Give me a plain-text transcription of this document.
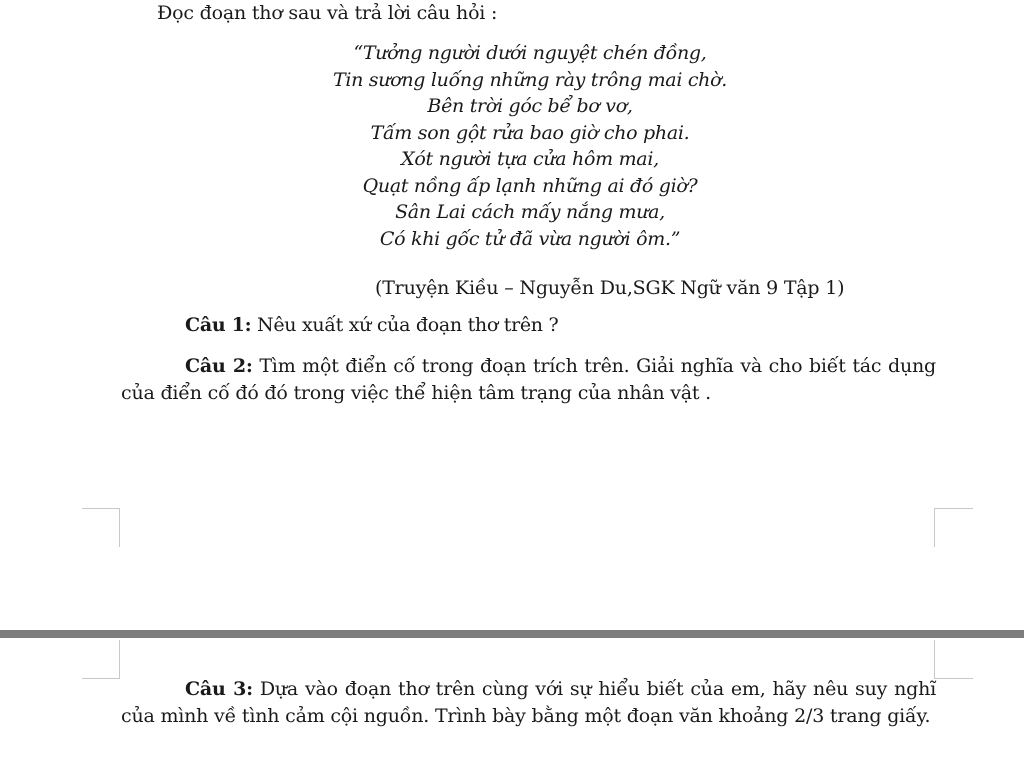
Đọc đoạn thơ sau và trả lời câu hỏi :
“Tưởng người dưới nguyệt chén đồng,
Tin sương luống những rày trông mai chờ.
Bên trời góc bể bơ vơ,
Tấm son gột rửa bao giờ cho phai.
Xót người tựa cửa hôm mai,
Quạt nồng ấp lạnh những ai đó giờ?
Sân Lai cách mấy nắng mưa,
Có khi gốc tử đã vừa người ôm.”
(Truyện Kiều – Nguyễn Du,SGK Ngữ văn 9 Tập 1)
Câu 1: Nêu xuất xứ của đoạn thơ trên ?
Câu 2: Tìm một điển cố trong đoạn trích trên. Giải nghĩa và cho biết tác dụng của điển cố đó đó trong việc thể hiện tâm trạng của nhân vật .
Câu 3: Dựa vào đoạn thơ trên cùng với sự hiểu biết của em, hãy nêu suy nghĩ của mình về tình cảm cội nguồn. Trình bày bằng một đoạn văn khoảng 2/3 trang giấy.
